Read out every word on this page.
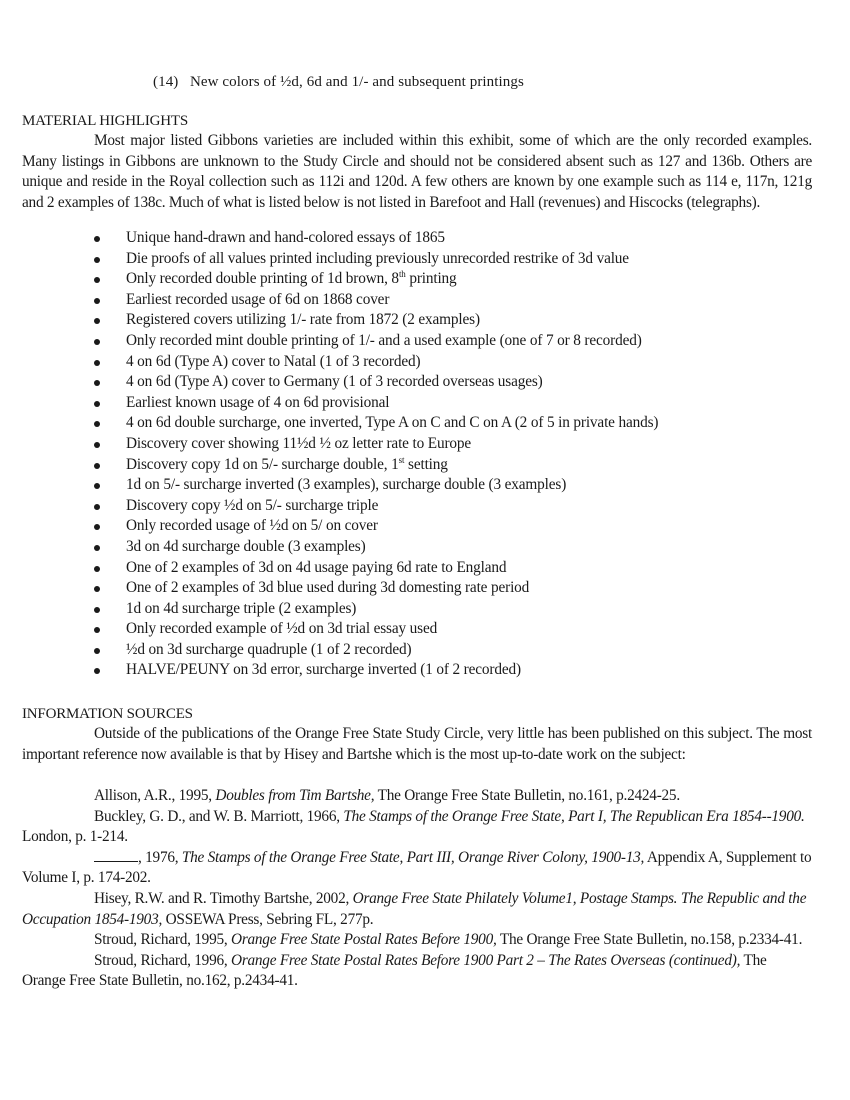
(14) New colors of ½d, 6d and 1/- and subsequent printings
MATERIAL HIGHLIGHTS
Most major listed Gibbons varieties are included within this exhibit, some of which are the only recorded examples. Many listings in Gibbons are unknown to the Study Circle and should not be considered absent such as 127 and 136b. Others are unique and reside in the Royal collection such as 112i and 120d. A few others are known by one example such as 114 e, 117n, 121g and 2 examples of 138c. Much of what is listed below is not listed in Barefoot and Hall (revenues) and Hiscocks (telegraphs).
Unique hand-drawn and hand-colored essays of 1865
Die proofs of all values printed including previously unrecorded restrike of 3d value
Only recorded double printing of 1d brown, 8th printing
Earliest recorded usage of 6d on 1868 cover
Registered covers utilizing 1/- rate from 1872 (2 examples)
Only recorded mint double printing of 1/- and a used example (one of 7 or 8 recorded)
4 on 6d (Type A) cover to Natal (1 of 3 recorded)
4 on 6d (Type A) cover to Germany (1 of 3 recorded overseas usages)
Earliest known usage of 4 on 6d provisional
4 on 6d double surcharge, one inverted, Type A on C and C on A (2 of 5 in private hands)
Discovery cover showing 11½d ½ oz letter rate to Europe
Discovery copy 1d on 5/- surcharge double, 1st setting
1d on 5/- surcharge inverted (3 examples), surcharge double (3 examples)
Discovery copy ½d on 5/- surcharge triple
Only recorded usage of ½d on 5/ on cover
3d on 4d surcharge double (3 examples)
One of 2 examples of 3d on 4d usage paying 6d rate to England
One of 2 examples of 3d blue used during 3d domesting rate period
1d on 4d surcharge triple (2 examples)
Only recorded example of ½d on 3d trial essay used
½d on 3d surcharge quadruple (1 of 2 recorded)
HALVE/PEUNY on 3d error, surcharge inverted (1 of 2 recorded)
INFORMATION SOURCES
Outside of the publications of the Orange Free State Study Circle, very little has been published on this subject. The most important reference now available is that by Hisey and Bartshe which is the most up-to-date work on the subject:

Allison, A.R., 1995, Doubles from Tim Bartshe, The Orange Free State Bulletin, no.161, p.2424-25.

Buckley, G. D., and W. B. Marriott, 1966, The Stamps of the Orange Free State, Part I, The Republican Era 1854--1900. London, p. 1-214.

, 1976, The Stamps of the Orange Free State, Part III, Orange River Colony, 1900-13, Appendix A, Supplement to Volume I, p. 174-202.

Hisey, R.W. and R. Timothy Bartshe, 2002, Orange Free State Philately Volume1, Postage Stamps. The Republic and the Occupation 1854-1903, OSSEWA Press, Sebring FL, 277p.

Stroud, Richard, 1995, Orange Free State Postal Rates Before 1900, The Orange Free State Bulletin, no.158, p.2334-41.

Stroud, Richard, 1996, Orange Free State Postal Rates Before 1900 Part 2 – The Rates Overseas (continued), The Orange Free State Bulletin, no.162, p.2434-41.
